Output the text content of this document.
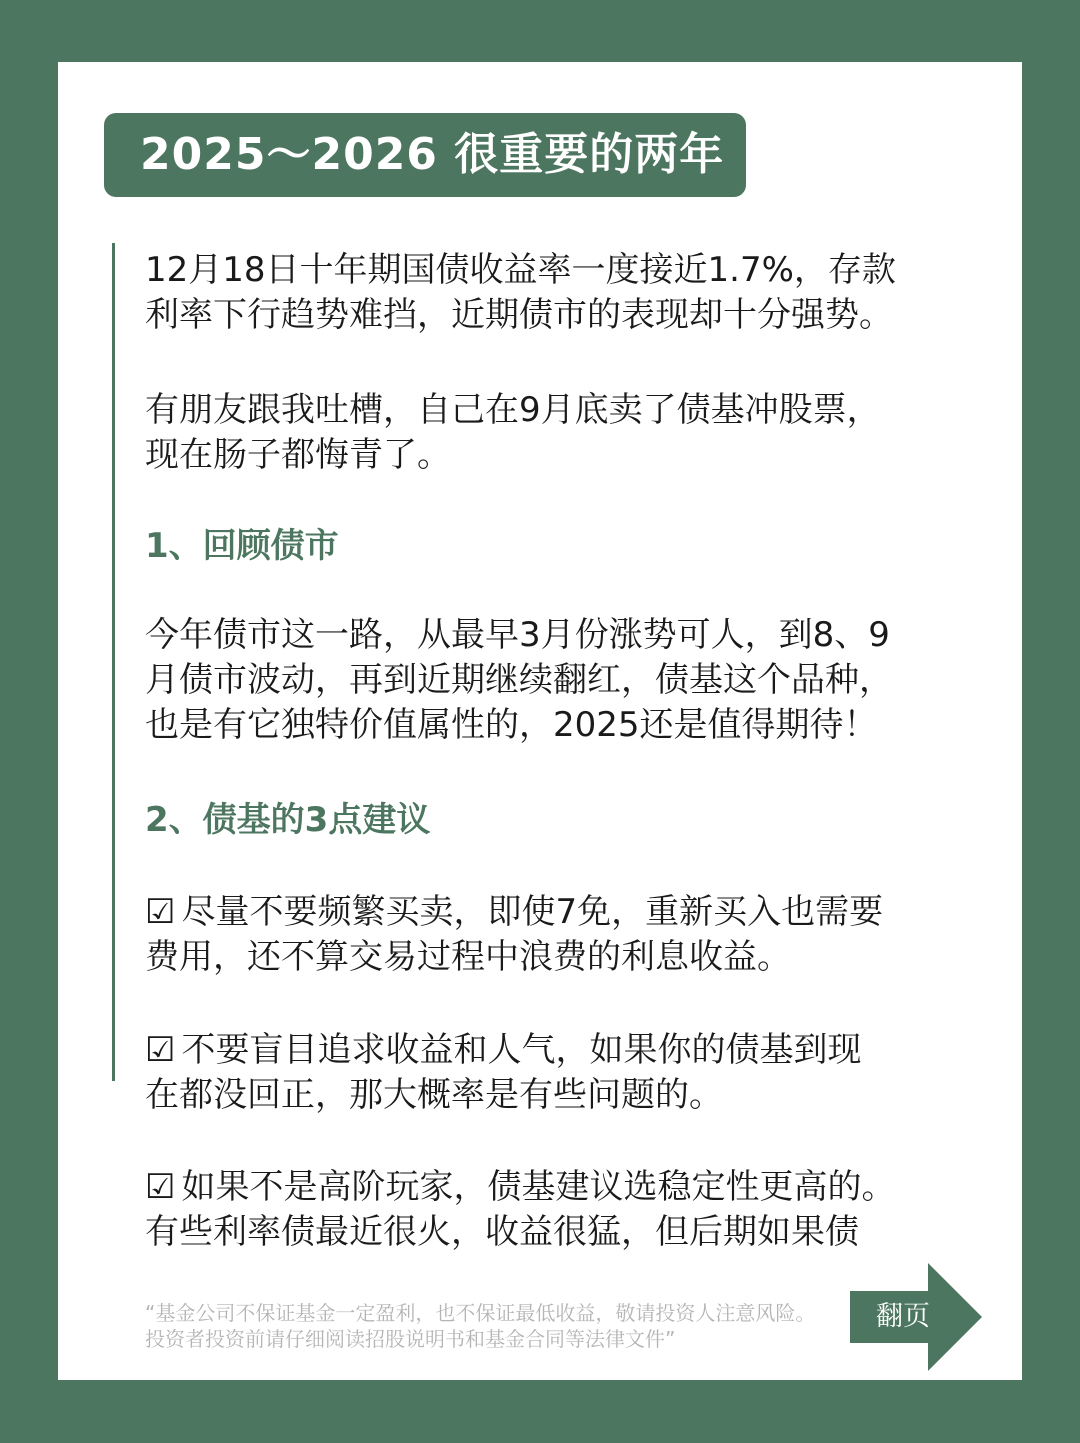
2025～2026 很重要的两年

12月18日十年期国债收益率一度接近1.7%，存款

利率下行趋势难挡，近期债市的表现却十分强势。

有朋友跟我吐槽，自己在9月底卖了债基冲股票，

现在肠子都悔青了。

1、回顾债市

今年债市这一路，从最早3月份涨势可人，到8、9

月债市波动，再到近期继续翻红，债基这个品种，

也是有它独特价值属性的，2025还是值得期待！

2、债基的3点建议

☑ 尽量不要频繁买卖，即使7免，重新买入也需要

费用，还不算交易过程中浪费的利息收益。

☑ 不要盲目追求收益和人气，如果你的债基到现

在都没回正，那大概率是有些问题的。

☑ 如果不是高阶玩家，债基建议选稳定性更高的。

有些利率债最近很火，收益很猛，但后期如果债

“基金公司不保证基金一定盈利，也不保证最低收益，敬请投资人注意风险。
投资者投资前请仔细阅读招股说明书和基金合同等法律文件”
翻页
